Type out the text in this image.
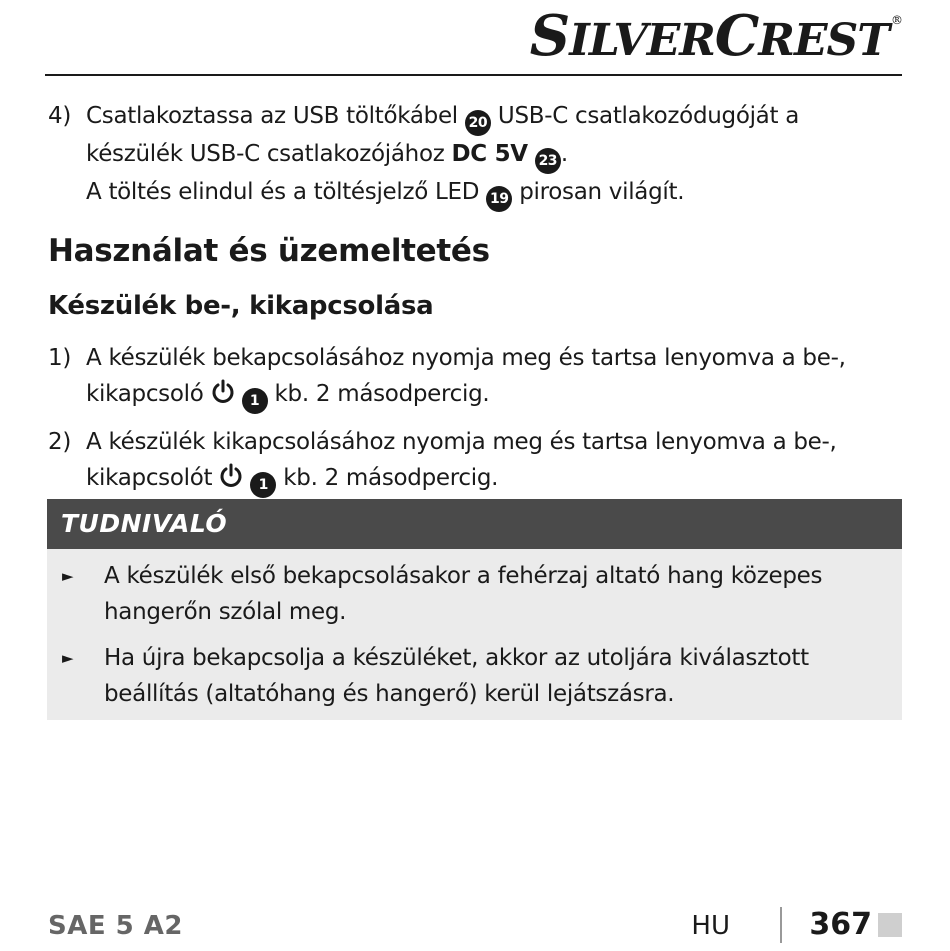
SILVERCREST ®
4) Csatlakoztassa az USB töltőkábel 20 USB-C csatlakozódugóját a
készülék USB-C csatlakozójához DC 5V 23 .
A töltés elindul és a töltésjelző LED 19 pirosan világít.
Használat és üzemeltetés
Készülék be-, kikapcsolása
1) A készülék bekapcsolásához nyomja meg és tartsa lenyomva a be-,
kikapcsoló	1 kb. 2 másodpercig.
2) A készülék kikapcsolásához nyomja meg és tartsa lenyomva a be-,
kikapcsolót	1 kb. 2 másodpercig.
TUDNIVALÓ
► A készülék első bekapcsolásakor a fehérzaj altató hang közepes
hangerőn szólal meg.
► Ha újra bekapcsolja a készüléket, akkor az utoljára kiválasztott
beállítás (altatóhang és hangerő) kerül lejátszásra.
SAE 5 A2	HU	367
